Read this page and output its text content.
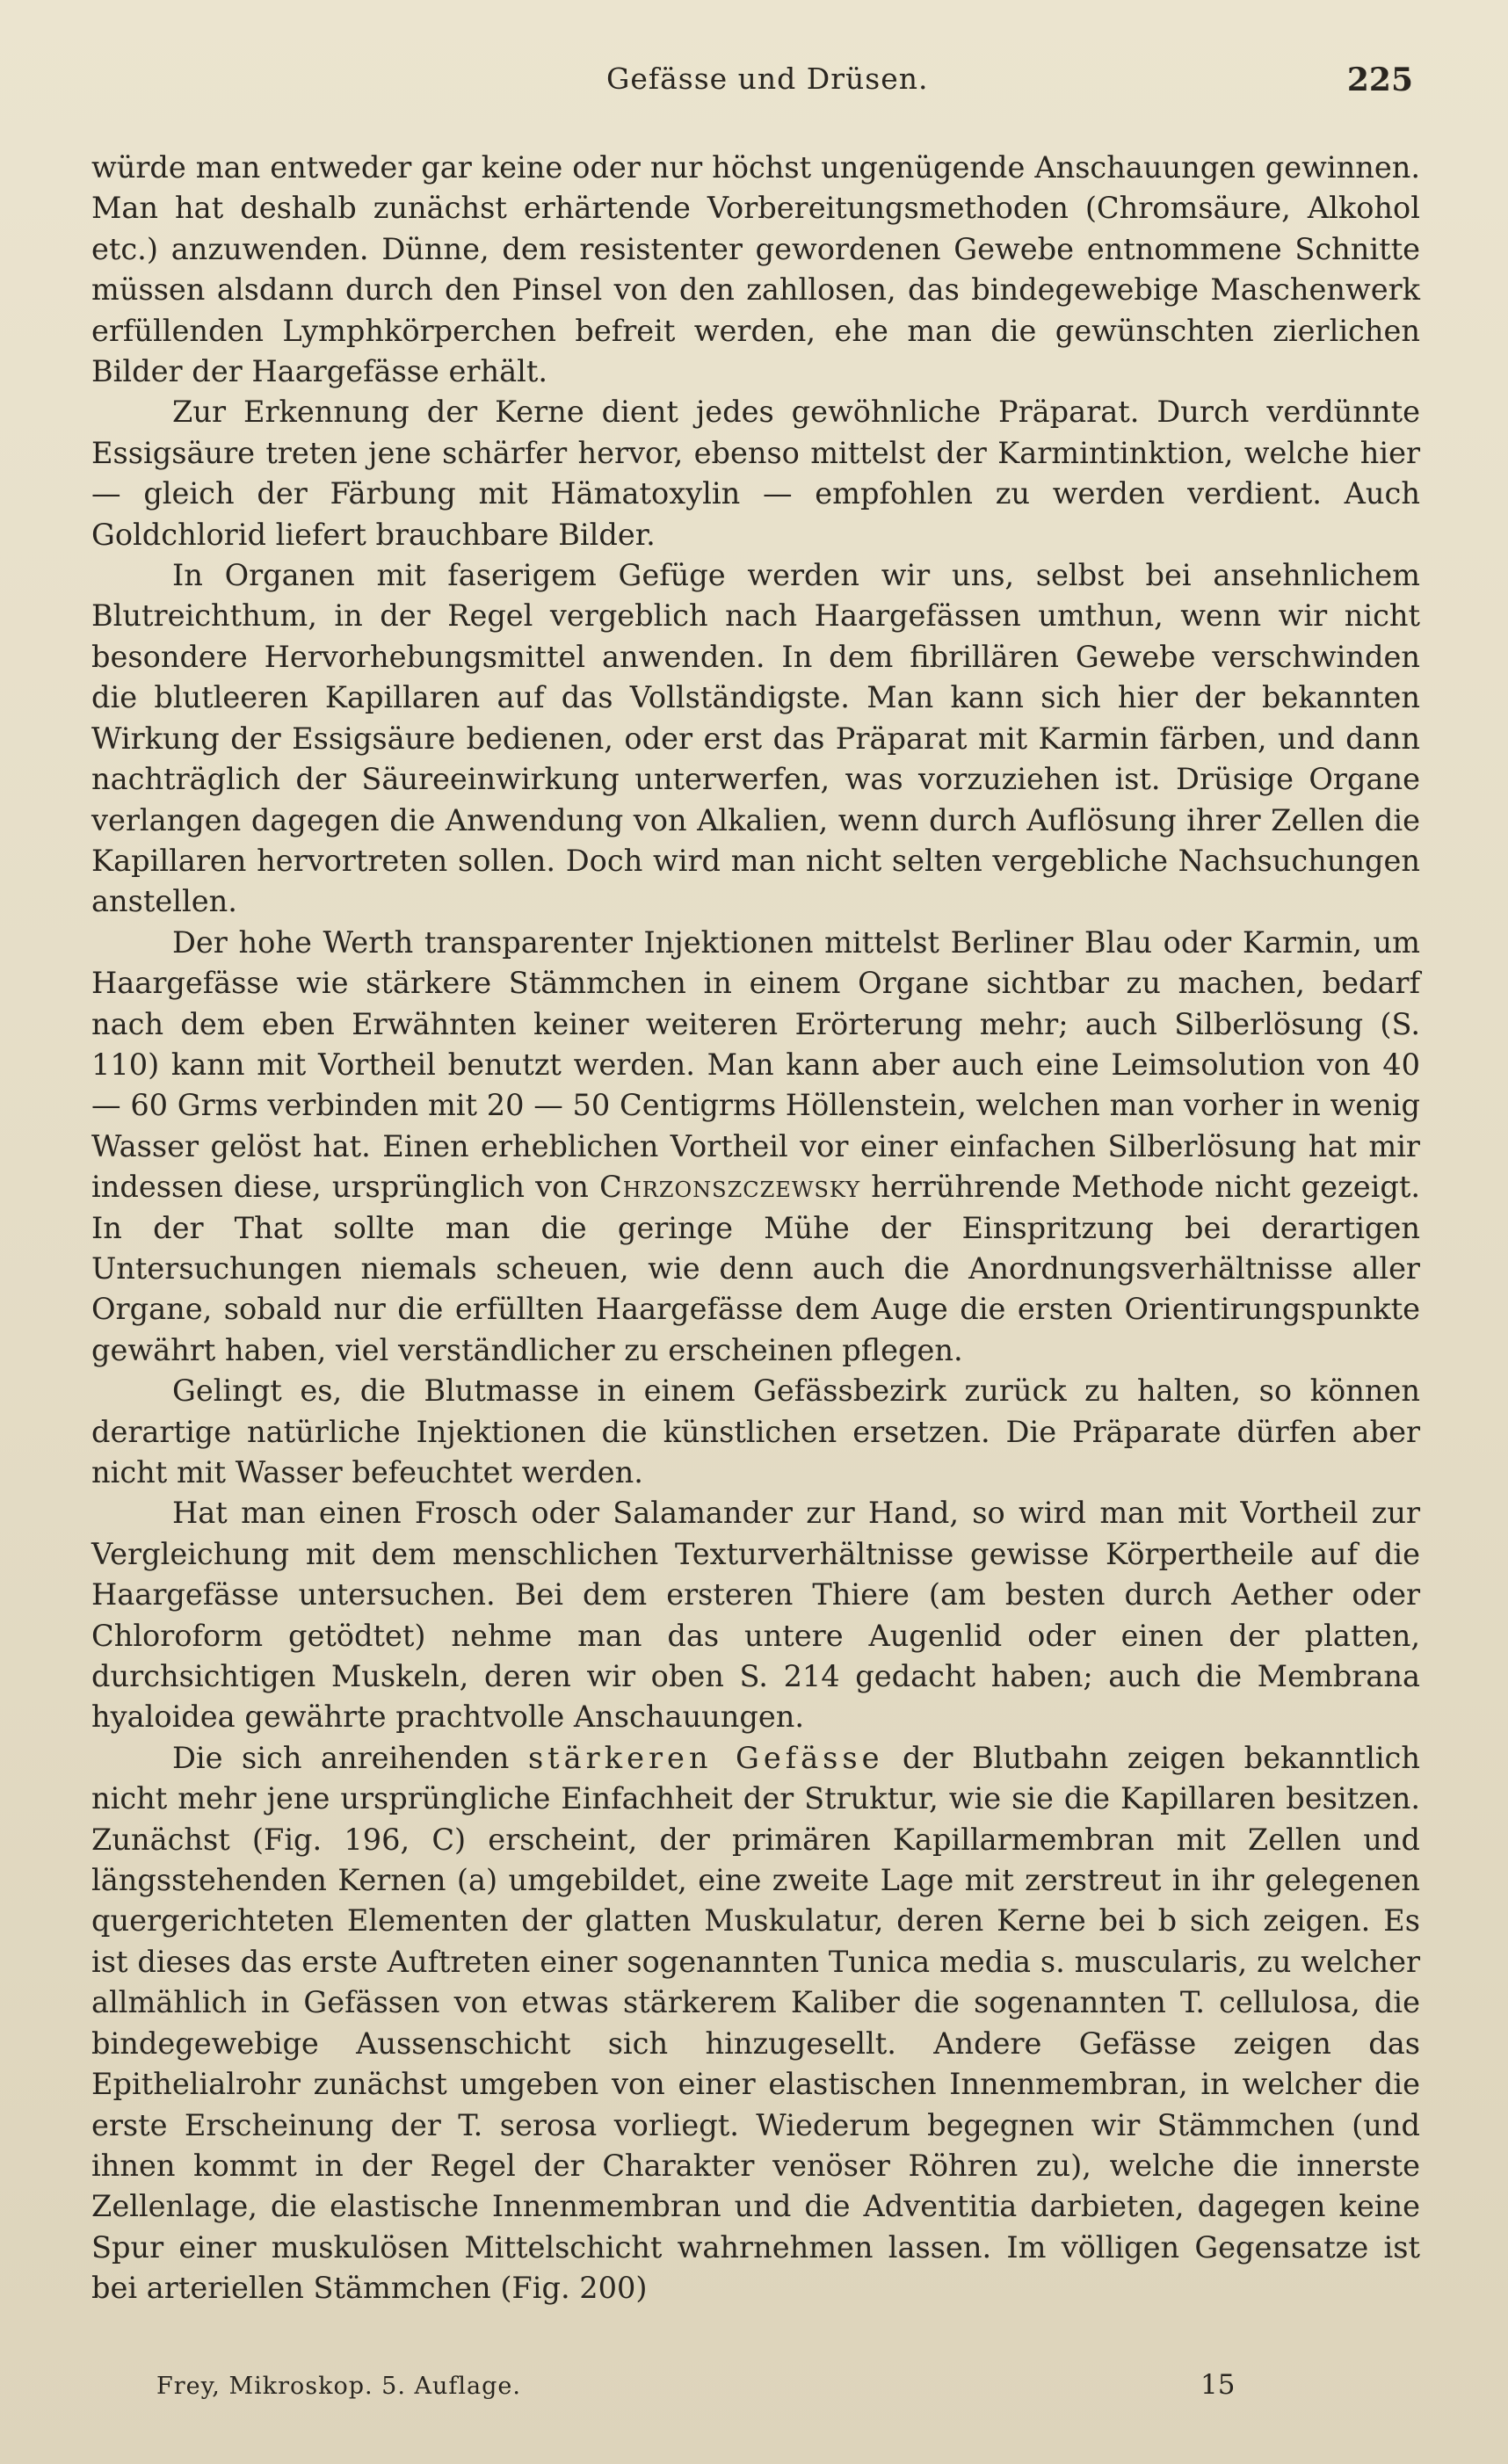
Gefässe und Drüsen.	225

würde man entweder gar keine oder nur höchst ungenügende Anschauungen gewinnen. Man hat deshalb zunächst erhärtende Vorbereitungsmethoden (Chromsäure, Alkohol etc.) anzuwenden. Dünne, dem resistenter gewordenen Gewebe entnommene Schnitte müssen alsdann durch den Pinsel von den zahllosen, das bindegewebige Maschenwerk erfüllenden Lymphkörperchen befreit werden, ehe man die gewünschten zierlichen Bilder der Haargefässe erhält.

Zur Erkennung der Kerne dient jedes gewöhnliche Präparat. Durch verdünnte Essigsäure treten jene schärfer hervor, ebenso mittelst der Karmintinktion, welche hier — gleich der Färbung mit Hämatoxylin — empfohlen zu werden verdient. Auch Goldchlorid liefert brauchbare Bilder.

In Organen mit faserigem Gefüge werden wir uns, selbst bei ansehnlichem Blutreichthum, in der Regel vergeblich nach Haargefässen umthun, wenn wir nicht besondere Hervorhebungsmittel anwenden. In dem fibrillären Gewebe verschwinden die blutleeren Kapillaren auf das Vollständigste. Man kann sich hier der bekannten Wirkung der Essigsäure bedienen, oder erst das Präparat mit Karmin färben, und dann nachträglich der Säureeinwirkung unterwerfen, was vorzuziehen ist. Drüsige Organe verlangen dagegen die Anwendung von Alkalien, wenn durch Auflösung ihrer Zellen die Kapillaren hervortreten sollen. Doch wird man nicht selten vergebliche Nachsuchungen anstellen.

Der hohe Werth transparenter Injektionen mittelst Berliner Blau oder Karmin, um Haargefässe wie stärkere Stämmchen in einem Organe sichtbar zu machen, bedarf nach dem eben Erwähnten keiner weiteren Erörterung mehr; auch Silberlösung (S. 110) kann mit Vortheil benutzt werden. Man kann aber auch eine Leimsolution von 40 — 60 Grms verbinden mit 20 — 50 Centigrms Höllenstein, welchen man vorher in wenig Wasser gelöst hat. Einen erheblichen Vortheil vor einer einfachen Silberlösung hat mir indessen diese, ursprünglich von Chrzonszczewsky herrührende Methode nicht gezeigt. In der That sollte man die geringe Mühe der Einspritzung bei derartigen Untersuchungen niemals scheuen, wie denn auch die Anordnungsverhältnisse aller Organe, sobald nur die erfüllten Haargefässe dem Auge die ersten Orientirungspunkte gewährt haben, viel verständlicher zu erscheinen pflegen.

Gelingt es, die Blutmasse in einem Gefässbezirk zurück zu halten, so können derartige natürliche Injektionen die künstlichen ersetzen. Die Präparate dürfen aber nicht mit Wasser befeuchtet werden.

Hat man einen Frosch oder Salamander zur Hand, so wird man mit Vortheil zur Vergleichung mit dem menschlichen Texturverhältnisse gewisse Körpertheile auf die Haargefässe untersuchen. Bei dem ersteren Thiere (am besten durch Aether oder Chloroform getödtet) nehme man das untere Augenlid oder einen der platten, durchsichtigen Muskeln, deren wir oben S. 214 gedacht haben; auch die Membrana hyaloidea gewährte prachtvolle Anschauungen.

Die sich anreihenden stärkeren Gefässe der Blutbahn zeigen bekanntlich nicht mehr jene ursprüngliche Einfachheit der Struktur, wie sie die Kapillaren besitzen. Zunächst (Fig. 196, C) erscheint, der primären Kapillarmembran mit Zellen und längsstehenden Kernen (a) umgebildet, eine zweite Lage mit zerstreut in ihr gelegenen quergerichteten Elementen der glatten Muskulatur, deren Kerne bei b sich zeigen. Es ist dieses das erste Auftreten einer sogenannten Tunica media s. muscularis, zu welcher allmählich in Gefässen von etwas stärkerem Kaliber die sogenannten T. cellulosa, die bindegewebige Aussenschicht sich hinzugesellt. Andere Gefässe zeigen das Epithelialrohr zunächst umgeben von einer elastischen Innenmembran, in welcher die erste Erscheinung der T. serosa vorliegt. Wiederum begegnen wir Stämmchen (und ihnen kommt in der Regel der Charakter venöser Röhren zu), welche die innerste Zellenlage, die elastische Innenmembran und die Adventitia darbieten, dagegen keine Spur einer muskulösen Mittelschicht wahrnehmen lassen. Im völligen Gegensatze ist bei arteriellen Stämmchen (Fig. 200)

Frey, Mikroskop. 5. Auflage.	15
